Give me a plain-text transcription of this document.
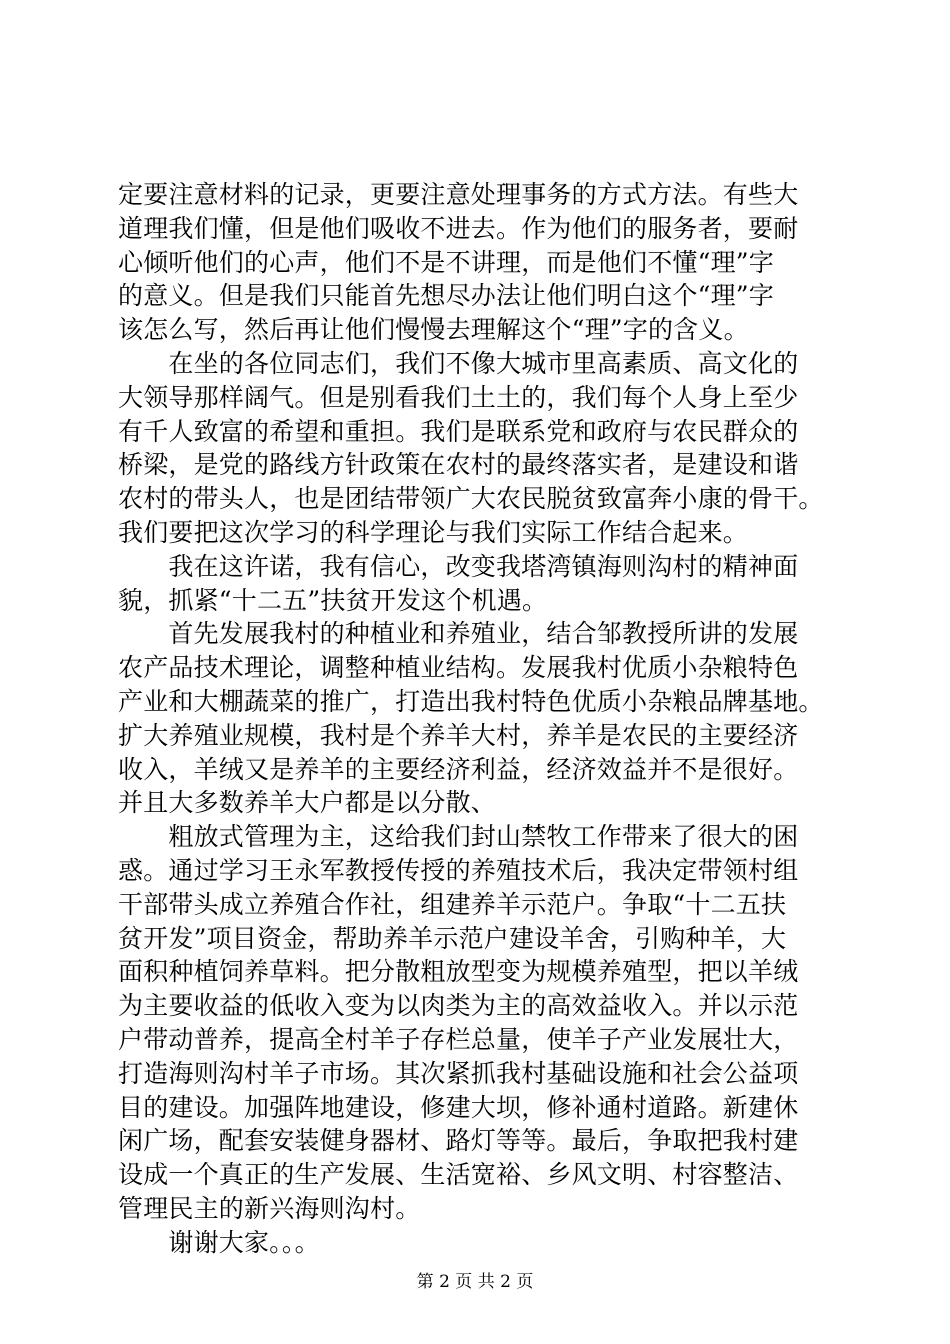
定要注意材料的记录，更要注意处理事务的方式方法。有些大
道理我们懂，但是他们吸收不进去。作为他们的服务者，要耐
心倾听他们的心声，他们不是不讲理，而是他们不懂“理”字
的意义。但是我们只能首先想尽办法让他们明白这个“理”字
该怎么写，然后再让他们慢慢去理解这个“理”字的含义。
　　在坐的各位同志们，我们不像大城市里高素质、高文化的
大领导那样阔气。但是别看我们土土的，我们每个人身上至少
有千人致富的希望和重担。我们是联系党和政府与农民群众的
桥梁，是党的路线方针政策在农村的最终落实者，是建设和谐
农村的带头人，也是团结带领广大农民脱贫致富奔小康的骨干。
我们要把这次学习的科学理论与我们实际工作结合起来。
　　我在这许诺，我有信心，改变我塔湾镇海则沟村的精神面
貌，抓紧“十二五”扶贫开发这个机遇。
　　首先发展我村的种植业和养殖业，结合邹教授所讲的发展
农产品技术理论，调整种植业结构。发展我村优质小杂粮特色
产业和大棚蔬菜的推广，打造出我村特色优质小杂粮品牌基地。
扩大养殖业规模，我村是个养羊大村，养羊是农民的主要经济
收入，羊绒又是养羊的主要经济利益，经济效益并不是很好。
并且大多数养羊大户都是以分散、
　　粗放式管理为主，这给我们封山禁牧工作带来了很大的困
惑。通过学习王永军教授传授的养殖技术后，我决定带领村组
干部带头成立养殖合作社，组建养羊示范户。争取“十二五扶
贫开发”项目资金，帮助养羊示范户建设羊舍，引购种羊，大
面积种植饲养草料。把分散粗放型变为规模养殖型，把以羊绒
为主要收益的低收入变为以肉类为主的高效益收入。并以示范
户带动普养，提高全村羊子存栏总量，使羊子产业发展壮大，
打造海则沟村羊子市场。其次紧抓我村基础设施和社会公益项
目的建设。加强阵地建设，修建大坝，修补通村道路。新建休
闲广场，配套安装健身器材、路灯等等。最后，争取把我村建
设成一个真正的生产发展、生活宽裕、乡风文明、村容整洁、
管理民主的新兴海则沟村。
　　谢谢大家。。。
第 2 页 共 2 页
